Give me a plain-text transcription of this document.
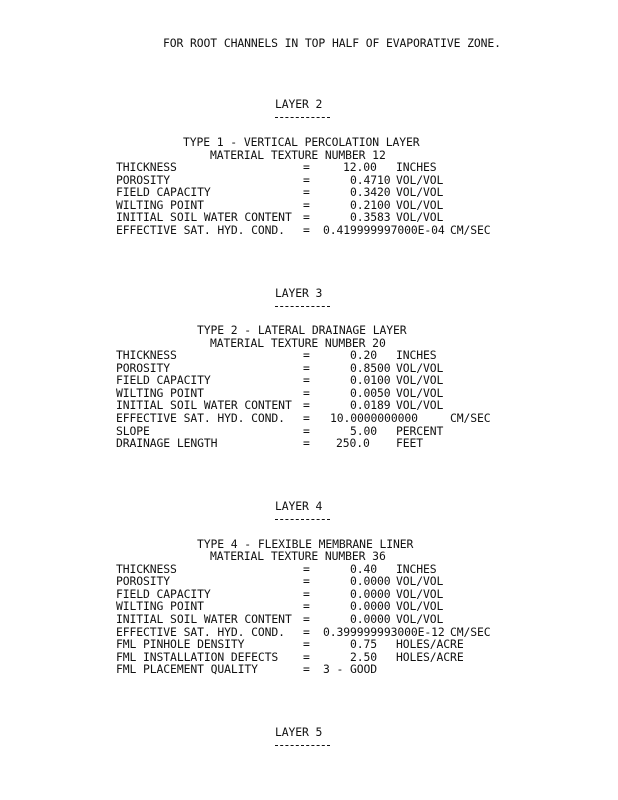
FOR ROOT CHANNELS IN TOP HALF OF EVAPORATIVE ZONE.
LAYER 2
TYPE 1 - VERTICAL PERCOLATION LAYER
MATERIAL TEXTURE NUMBER 12
THICKNESS	=	12.00 INCHES
POROSITY	=	0.4710 VOL/VOL
FIELD CAPACITY	=	0.3420 VOL/VOL
WILTING POINT	=	0.2100 VOL/VOL
INITIAL SOIL WATER CONTENT =	0.3583 VOL/VOL
EFFECTIVE SAT. HYD. COND. = 0.419999997000E-04 CM/SEC
LAYER 3
TYPE 2 - LATERAL DRAINAGE LAYER
MATERIAL TEXTURE NUMBER 20
THICKNESS	=	0.20 INCHES
POROSITY	=	0.8500 VOL/VOL
FIELD CAPACITY	=	0.0100 VOL/VOL
WILTING POINT	=	0.0050 VOL/VOL
INITIAL SOIL WATER CONTENT =	0.0189 VOL/VOL
EFFECTIVE SAT. HYD. COND. = 10.0000000000	CM/SEC
SLOPE	=	5.00 PERCENT
DRAINAGE LENGTH	= 250.0 FEET
LAYER 4
TYPE 4 - FLEXIBLE MEMBRANE LINER
MATERIAL TEXTURE NUMBER 36
THICKNESS	=	0.40 INCHES
POROSITY	=	0.0000 VOL/VOL
FIELD CAPACITY	=	0.0000 VOL/VOL
WILTING POINT	=	0.0000 VOL/VOL
INITIAL SOIL WATER CONTENT =	0.0000 VOL/VOL
EFFECTIVE SAT. HYD. COND. = 0.399999993000E-12 CM/SEC
FML PINHOLE DENSITY	=	0.75 HOLES/ACRE
FML INSTALLATION DEFECTS =	2.50 HOLES/ACRE
FML PLACEMENT QUALITY	= 3 - GOOD
LAYER 5
